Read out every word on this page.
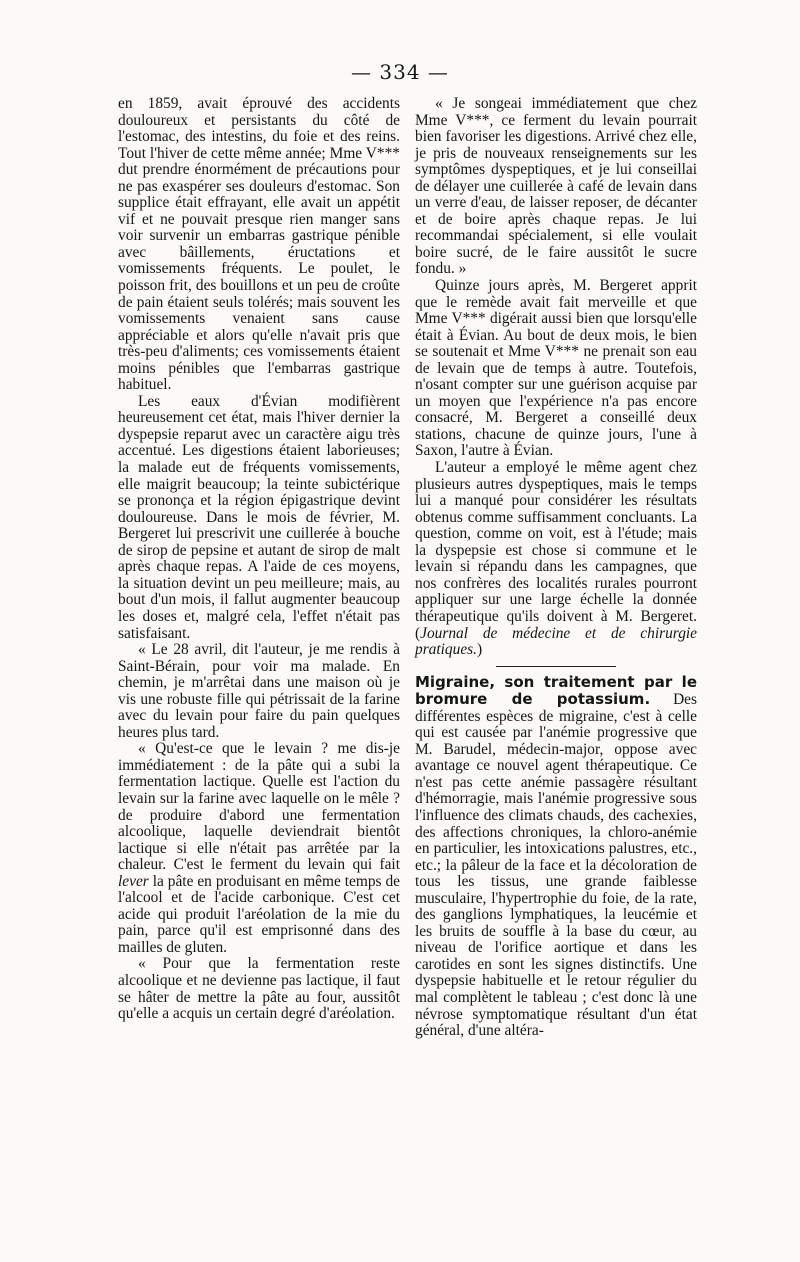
— 334 —

en 1859, avait éprouvé des accidents douloureux et persistants du côté de l'estomac, des intestins, du foie et des reins. Tout l'hiver de cette même année; Mme V*** dut prendre énormément de précautions pour ne pas exaspérer ses douleurs d'estomac. Son supplice était effrayant, elle avait un appétit vif et ne pouvait presque rien manger sans voir survenir un embarras gastrique pénible avec bâillements, éructations et vomissements fréquents. Le poulet, le poisson frit, des bouillons et un peu de croûte de pain étaient seuls tolérés; mais souvent les vomissements venaient sans cause appréciable et alors qu'elle n'avait pris que très-peu d'aliments; ces vomissements étaient moins pénibles que l'embarras gastrique habituel.

Les eaux d'Évian modifièrent heureusement cet état, mais l'hiver dernier la dyspepsie reparut avec un caractère aigu très accentué. Les digestions étaient laborieuses; la malade eut de fréquents vomissements, elle maigrit beaucoup; la teinte subictérique se prononça et la région épigastrique devint douloureuse. Dans le mois de février, M. Bergeret lui prescrivit une cuillerée à bouche de sirop de pepsine et autant de sirop de malt après chaque repas. A l'aide de ces moyens, la situation devint un peu meilleure; mais, au bout d'un mois, il fallut augmenter beaucoup les doses et, malgré cela, l'effet n'était pas satisfaisant.

« Le 28 avril, dit l'auteur, je me rendis à Saint-Bérain, pour voir ma malade. En chemin, je m'arrêtai dans une maison où je vis une robuste fille qui pétrissait de la farine avec du levain pour faire du pain quelques heures plus tard.

« Qu'est-ce que le levain ? me dis-je immédiatement : de la pâte qui a subi la fermentation lactique. Quelle est l'action du levain sur la farine avec laquelle on le mêle ? de produire d'abord une fermentation alcoolique, laquelle deviendrait bientôt lactique si elle n'était pas arrêtée par la chaleur. C'est le ferment du levain qui fait lever la pâte en produisant en même temps de l'alcool et de l'acide carbonique. C'est cet acide qui produit l'aréolation de la mie du pain, parce qu'il est emprisonné dans des mailles de gluten.

« Pour que la fermentation reste alcoolique et ne devienne pas lactique, il faut se hâter de mettre la pâte au four, aussitôt qu'elle a acquis un certain degré d'aréolation.

« Je songeai immédiatement que chez Mme V***, ce ferment du levain pourrait bien favoriser les digestions. Arrivé chez elle, je pris de nouveaux renseignements sur les symptômes dyspeptiques, et je lui conseillai de délayer une cuillerée à café de levain dans un verre d'eau, de laisser reposer, de décanter et de boire après chaque repas. Je lui recommandai spécialement, si elle voulait boire sucré, de le faire aussitôt le sucre fondu. »

Quinze jours après, M. Bergeret apprit que le remède avait fait merveille et que Mme V*** digérait aussi bien que lorsqu'elle était à Évian. Au bout de deux mois, le bien se soutenait et Mme V*** ne prenait son eau de levain que de temps à autre. Toutefois, n'osant compter sur une guérison acquise par un moyen que l'expérience n'a pas encore consacré, M. Bergeret a conseillé deux stations, chacune de quinze jours, l'une à Saxon, l'autre à Évian.

L'auteur a employé le même agent chez plusieurs autres dyspeptiques, mais le temps lui a manqué pour considérer les résultats obtenus comme suffisamment concluants. La question, comme on voit, est à l'étude; mais la dyspepsie est chose si commune et le levain si répandu dans les campagnes, que nos confrères des localités rurales pourront appliquer sur une large échelle la donnée thérapeutique qu'ils doivent à M. Bergeret. (Journal de médecine et de chirurgie pratiques.)

Migraine, son traitement par le bromure de potassium. Des différentes espèces de migraine, c'est à celle qui est causée par l'anémie progressive que M. Barudel, médecin-major, oppose avec avantage ce nouvel agent thérapeutique. Ce n'est pas cette anémie passagère résultant d'hémorragie, mais l'anémie progressive sous l'influence des climats chauds, des cachexies, des affections chroniques, la chloro-anémie en particulier, les intoxications palustres, etc., etc.; la pâleur de la face et la décoloration de tous les tissus, une grande faiblesse musculaire, l'hypertrophie du foie, de la rate, des ganglions lymphatiques, la leucémie et les bruits de souffle à la base du cœur, au niveau de l'orifice aortique et dans les carotides en sont les signes distinctifs. Une dyspepsie habituelle et le retour régulier du mal complètent le tableau ; c'est donc là une névrose symptomatique résultant d'un état général, d'une altéra-
